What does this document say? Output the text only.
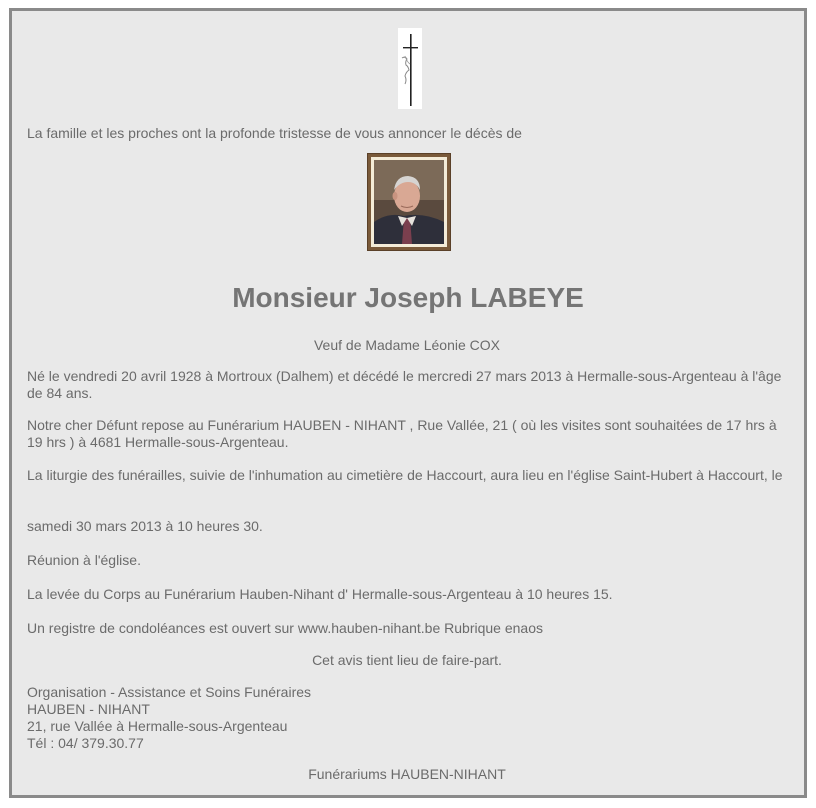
La famille et les proches ont la profonde tristesse de vous annoncer le décès de

Monsieur Joseph LABEYE

Veuf de Madame Léonie COX

Né le vendredi 20 avril 1928 à Mortroux (Dalhem) et décédé le mercredi 27 mars 2013 à Hermalle-sous-Argenteau à l'âge de 84 ans.

Notre cher Défunt repose au Funérarium HAUBEN - NIHANT , Rue Vallée, 21 ( où les visites sont souhaitées de 17 hrs à 19 hrs ) à 4681 Hermalle-sous-Argenteau.

La liturgie des funérailles, suivie de l'inhumation au cimetière de Haccourt, aura lieu en l'église Saint-Hubert à Haccourt, le

samedi 30 mars 2013 à 10 heures 30.

Réunion à l'église.

La levée du Corps au Funérarium Hauben-Nihant d' Hermalle-sous-Argenteau à 10 heures 15.

Un registre de condoléances est ouvert sur www.hauben-nihant.be Rubrique enaos

Cet avis tient lieu de faire-part.

Organisation - Assistance et Soins Funéraires
HAUBEN - NIHANT
21, rue Vallée à Hermalle-sous-Argenteau
Tél : 04/ 379.30.77

Funérariums HAUBEN-NIHANT
